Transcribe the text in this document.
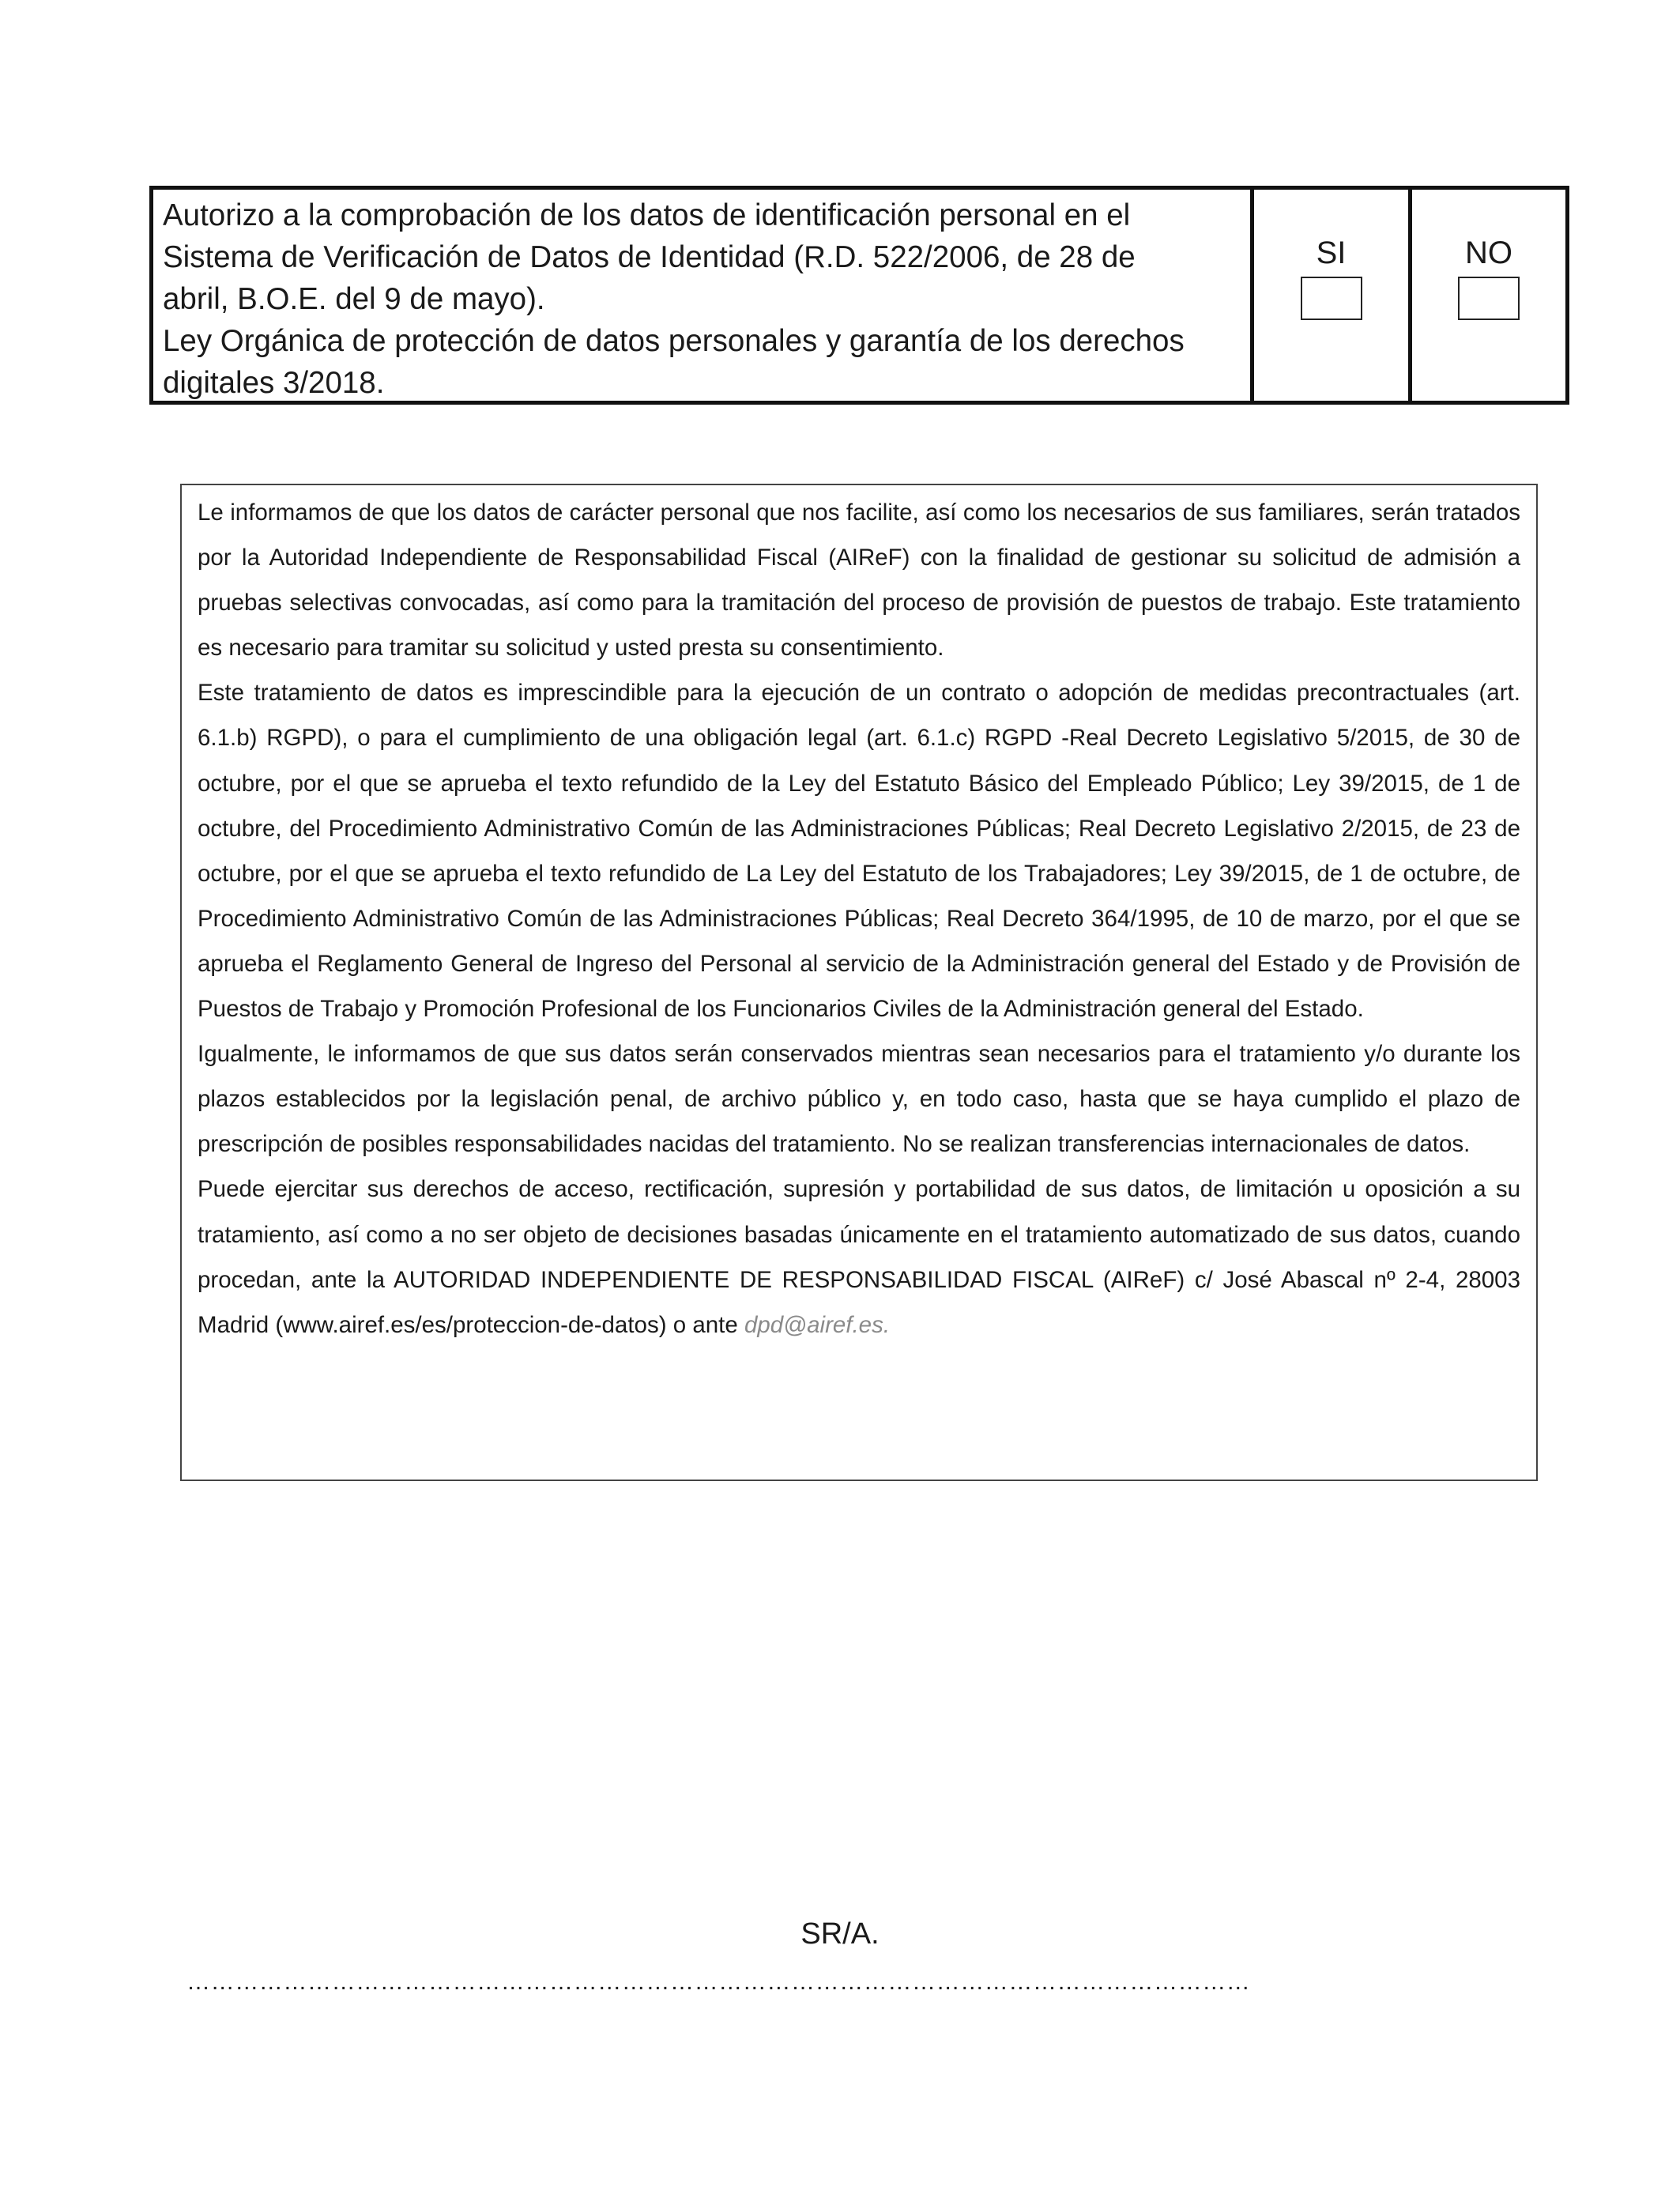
Autorizo a la comprobación de los datos de identificación personal en el
Sistema de Verificación de Datos de Identidad (R.D. 522/2006, de 28 de
abril, B.O.E. del 9 de mayo).
Ley Orgánica de protección de datos personales y garantía de los derechos
digitales 3/2018.
SI	NO

Le informamos de que los datos de carácter personal que nos facilite, así como los necesarios de sus familiares, serán tratados por la Autoridad Independiente de Responsabilidad Fiscal (AIReF) con la finalidad de gestionar su solicitud de admisión a pruebas selectivas convocadas, así como para la tramitación del proceso de provisión de puestos de trabajo. Este tratamiento es necesario para tramitar su solicitud y usted presta su consentimiento.

Este tratamiento de datos es imprescindible para la ejecución de un contrato o adopción de medidas precontractuales (art. 6.1.b) RGPD), o para el cumplimiento de una obligación legal (art. 6.1.c) RGPD -Real Decreto Legislativo 5/2015, de 30 de octubre, por el que se aprueba el texto refundido de la Ley del Estatuto Básico del Empleado Público; Ley 39/2015, de 1 de octubre, del Procedimiento Administrativo Común de las Administraciones Públicas; Real Decreto Legislativo 2/2015, de 23 de octubre, por el que se aprueba el texto refundido de La Ley del Estatuto de los Trabajadores; Ley 39/2015, de 1 de octubre, de Procedimiento Administrativo Común de las Administraciones Públicas; Real Decreto 364/1995, de 10 de marzo, por el que se aprueba el Reglamento General de Ingreso del Personal al servicio de la Administración general del Estado y de Provisión de Puestos de Trabajo y Promoción Profesional de los Funcionarios Civiles de la Administración general del Estado.

Igualmente, le informamos de que sus datos serán conservados mientras sean necesarios para el tratamiento y/o durante los plazos establecidos por la legislación penal, de archivo público y, en todo caso, hasta que se haya cumplido el plazo de prescripción de posibles responsabilidades nacidas del tratamiento. No se realizan transferencias internacionales de datos.

Puede ejercitar sus derechos de acceso, rectificación, supresión y portabilidad de sus datos, de limitación u oposición a su tratamiento, así como a no ser objeto de decisiones basadas únicamente en el tratamiento automatizado de sus datos, cuando procedan, ante la AUTORIDAD INDEPENDIENTE DE RESPONSABILIDAD FISCAL (AIReF) c/ José Abascal nº 2-4, 28003 Madrid (www.airef.es/es/proteccion-de-datos) o ante dpd@airef.es.

SR/A.
……………………………………………………………………………………………………………………
